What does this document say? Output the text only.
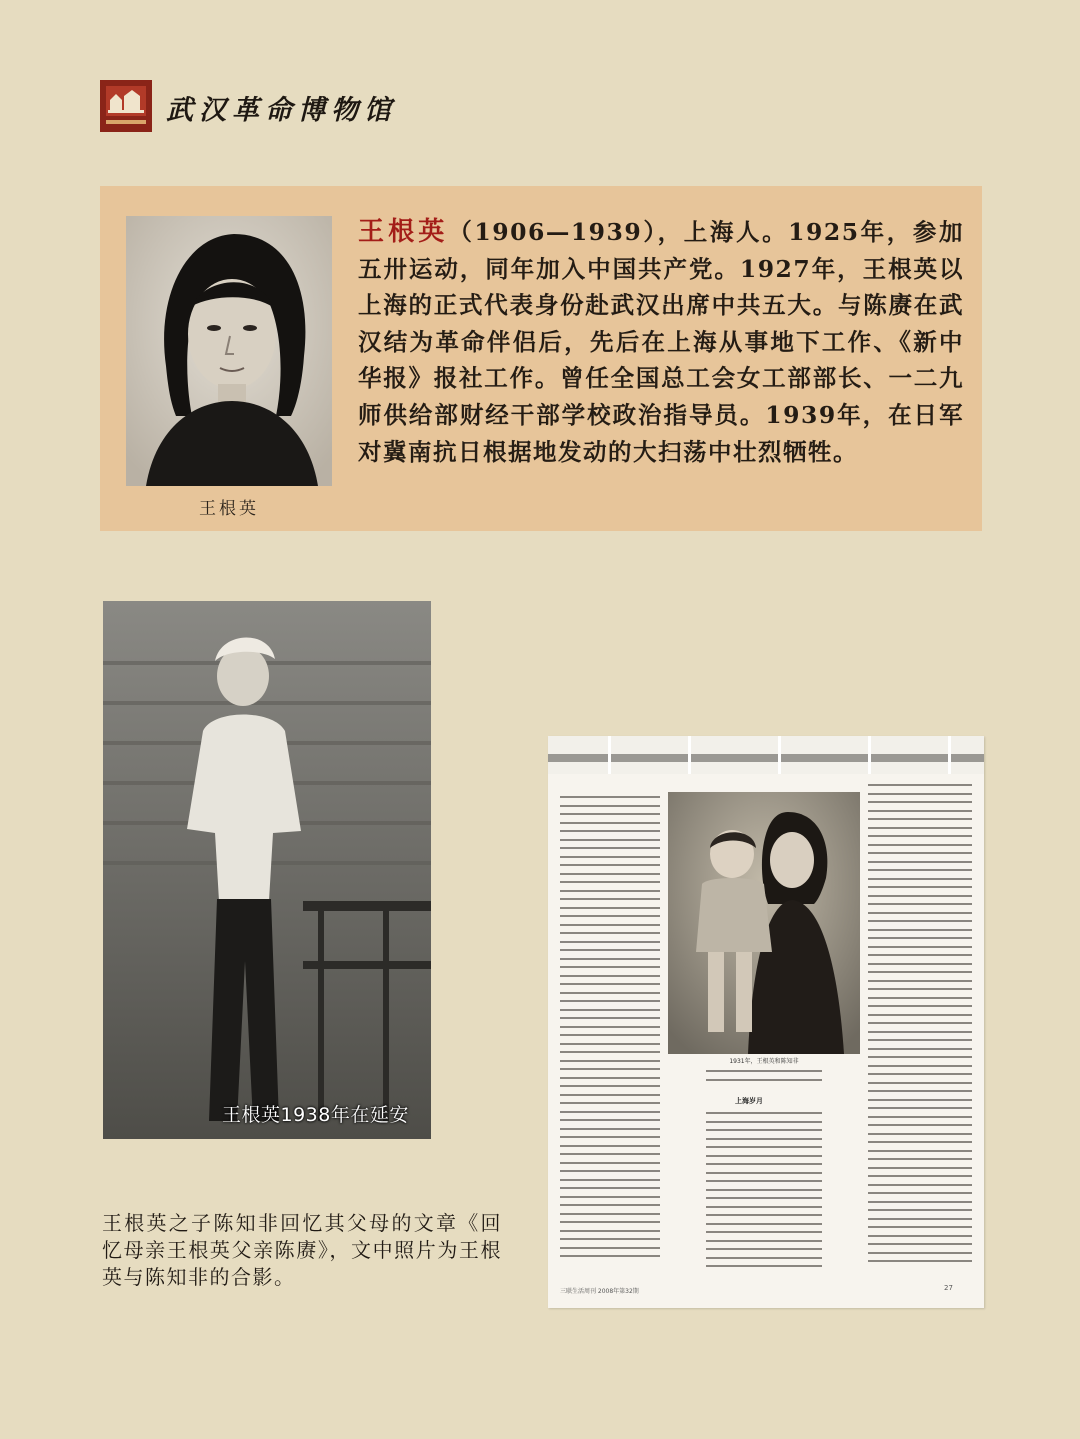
武汉革命博物馆
王根英
王根英（1906—1939），上海人。1925年，参加五卅运动，同年加入中国共产党。1927年，王根英以上海的正式代表身份赴武汉出席中共五大。与陈赓在武汉结为革命伴侣后，先后在上海从事地下工作、《新中华报》报社工作。曾任全国总工会女工部部长、一二九师供给部财经干部学校政治指导员。1939年，在日军对冀南抗日根据地发动的大扫荡中壮烈牺牲。
王根英1938年在延安
1931年，王根英和陈知非
上海岁月
三联生活周刊 2008年第32期	27
王根英之子陈知非回忆其父母的文章《回忆母亲王根英父亲陈赓》，文中照片为王根英与陈知非的合影。
